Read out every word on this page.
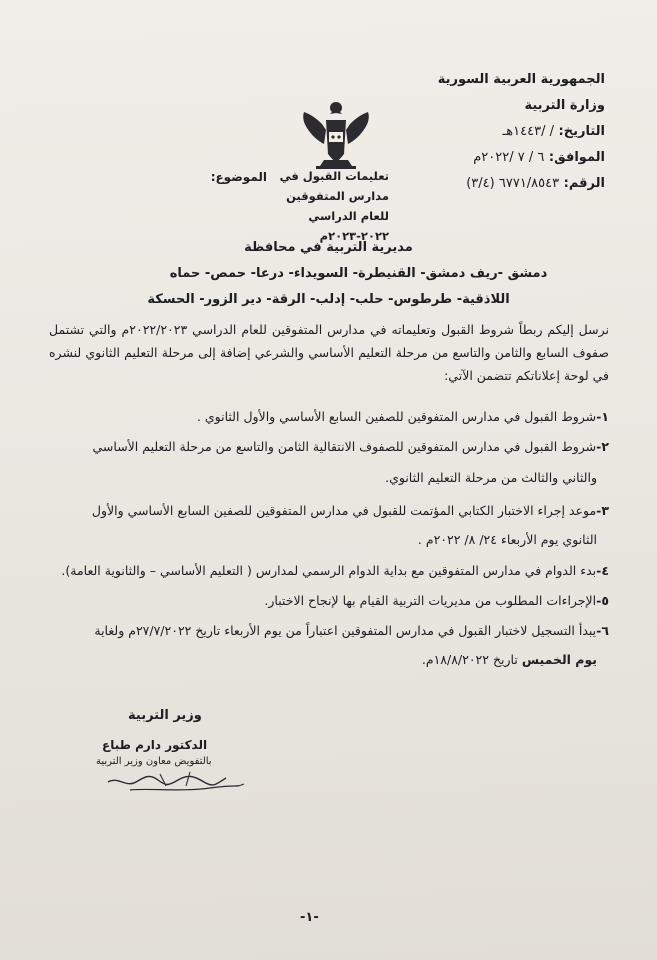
الجمهورية العربية السورية
وزارة التربية
التاريخ: / /١٤٤٣هـ
الموافق: ٦ / ٧ /٢٠٢٢م
الرقم: ٦٧٧١/٨٥٤٣ (٣/٤)
الموضوع:	تعليمات القبول في مدارس المتفوقين
للعام الدراسي ٢٠٢٢-٢٠٢٣م
مديرية التربية في محافظة
دمشق -ريف دمشق- القنيطرة- السويداء- درعا- حمص- حماه
اللاذقية- طرطوس- حلب- إدلب- الرقة- دير الزور- الحسكة
نرسل إليكم ربطاً شروط القبول وتعليماته في مدارس المتفوقين للعام الدراسي ٢٠٢٢/٢٠٢٣م والتي تشتمل صفوف السابع والثامن والتاسع من مرحلة التعليم الأساسي والشرعي إضافة إلى مرحلة التعليم الثانوي لنشره في لوحة إعلاناتكم تتضمن الآتي:
١-شروط القبول في مدارس المتفوقين للصفين السابع الأساسي والأول الثانوي .
٢-شروط القبول في مدارس المتفوقين للصفوف الانتقالية الثامن والتاسع من مرحلة التعليم الأساسي
والثاني والثالث من مرحلة التعليم الثانوي.
٣-موعد إجراء الاختبار الكتابي المؤتمت للقبول في مدارس المتفوقين للصفين السابع الأساسي والأول
الثانوي يوم الأربعاء ٢٤/ ٨/ ٢٠٢٢م .
٤-بدء الدوام في مدارس المتفوقين مع بداية الدوام الرسمي لمدارس ( التعليم الأساسي – والثانوية العامة).
٥-الإجراءات المطلوب من مديريات التربية القيام بها لإنجاح الاختبار.
٦-يبدأ التسجيل لاختبار القبول في مدارس المتفوقين اعتباراً من يوم الأربعاء تاريخ ٢٧/٧/٢٠٢٢م ولغاية
يوم الخميس تاريخ ١٨/٨/٢٠٢٢م.
وزير التربية
الدكتور دارم طباع
بالتفويض معاون وزير التربية
-١-
